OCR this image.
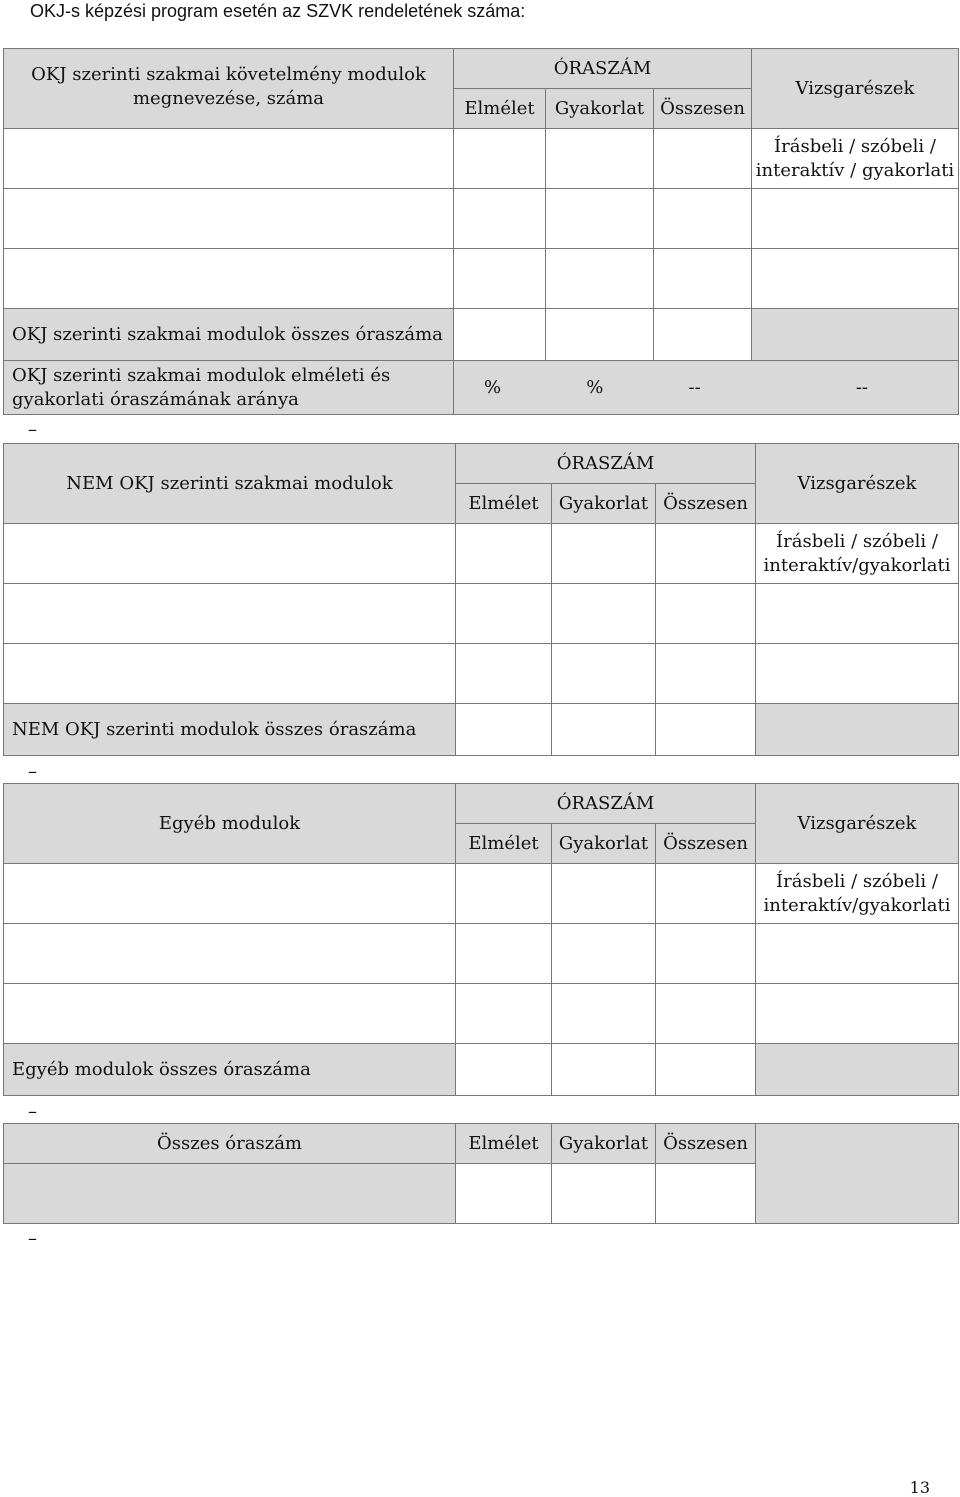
OKJ-s képzési program esetén az SZVK rendeletének száma:
OKJ szerinti szakmai követelmény modulok megnevezése, száma	ÓRASZÁM			Vizsgarészek
	Elmélet	Gyakorlat	Összesen	
				Írásbeli / szóbeli / interaktív / gyakorlati

OKJ szerinti szakmai modulok összes óraszáma				
OKJ szerinti szakmai modulok elméleti és gyakorlati óraszámának aránya	% % -- --			
–
NEM OKJ szerinti szakmai modulok	ÓRASZÁM			Vizsgarészek
	Elmélet	Gyakorlat	Összesen	
				Írásbeli / szóbeli / interaktív/gyakorlati

NEM OKJ szerinti modulok összes óraszáma				
–
Egyéb modulok	ÓRASZÁM			Vizsgarészek
	Elmélet	Gyakorlat	Összesen	
				Írásbeli / szóbeli / interaktív/gyakorlati

Egyéb modulok összes óraszáma				
–
Összes óraszám	Elmélet	Gyakorlat	Összesen	

–
13
